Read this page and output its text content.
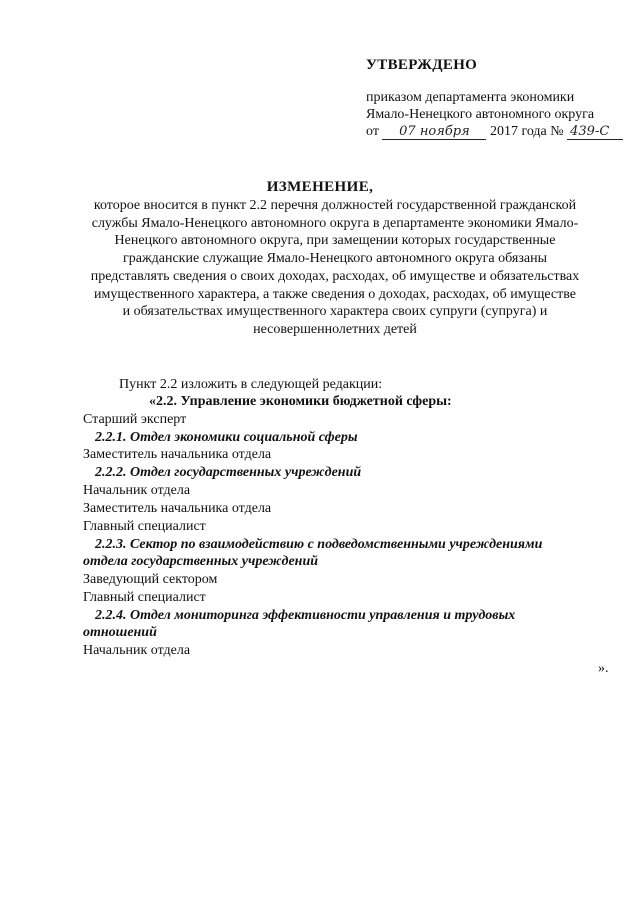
УТВЕРЖДЕНО
приказом департамента экономики
Ямало-Ненецкого автономного округа
от 07 ноября 2017 года № 439-С
ИЗМЕНЕНИЕ,
которое вносится в пункт 2.2 перечня должностей государственной гражданской
службы Ямало-Ненецкого автономного округа в департаменте экономики Ямало-
Ненецкого автономного округа, при замещении которых государственные
гражданские служащие Ямало-Ненецкого автономного округа обязаны
представлять сведения о своих доходах, расходах, об имуществе и обязательствах
имущественного характера, а также сведения о доходах, расходах, об имуществе
и обязательствах имущественного характера своих супруги (супруга) и
несовершеннолетних детей
Пункт 2.2 изложить в следующей редакции:
«2.2. Управление экономики бюджетной сферы:
Старший эксперт
2.2.1. Отдел экономики социальной сферы
Заместитель начальника отдела
2.2.2. Отдел государственных учреждений
Начальник отдела
Заместитель начальника отдела
Главный специалист
2.2.3. Сектор по взаимодействию с подведомственными учреждениями
отдела государственных учреждений
Заведующий сектором
Главный специалист
2.2.4. Отдел мониторинга эффективности управления и трудовых
отношений
Начальник отдела
».
